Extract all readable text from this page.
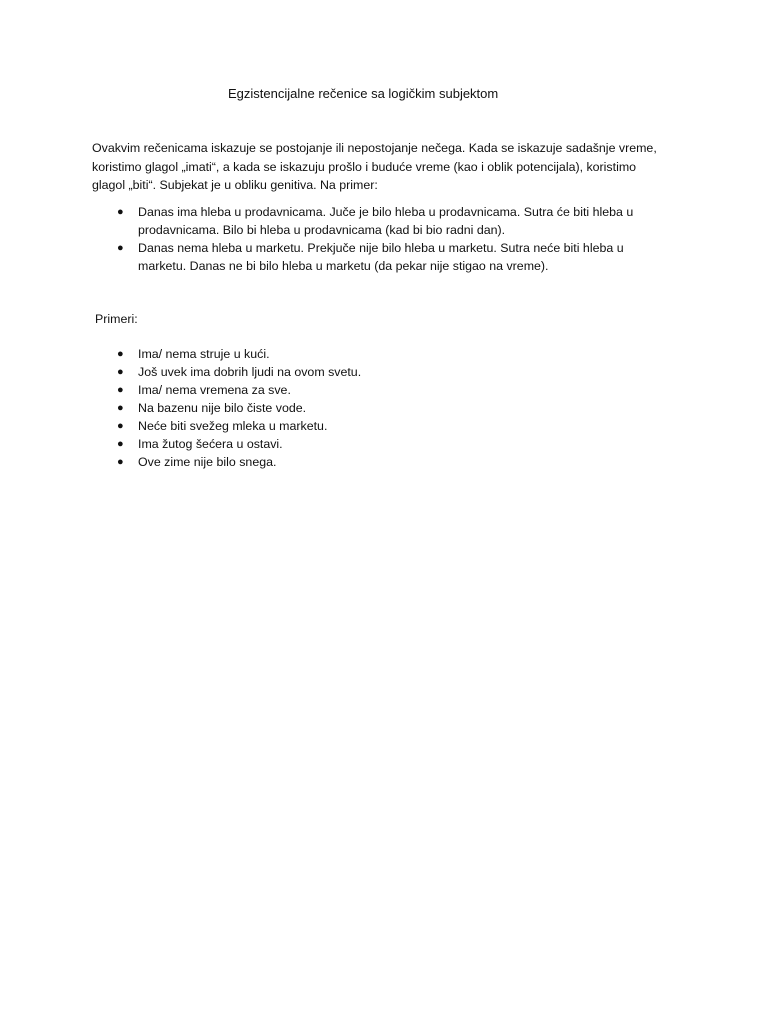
Egzistencijalne rečenice sa logičkim subjektom

Ovakvim rečenicama iskazuje se postojanje ili nepostojanje nečega. Kada se iskazuje sadašnje vreme,

koristimo glagol „imati“, a kada se iskazuju prošlo i buduće vreme (kao i oblik potencijala), koristimo

glagol „biti“. Subjekat je u obliku genitiva. Na primer:

● Danas ima hleba u prodavnicama. Juče je bilo hleba u prodavnicama. Sutra će biti hleba u
prodavnicama. Bilo bi hleba u prodavnicama (kad bi bio radni dan).
● Danas nema hleba u marketu. Prekjuče nije bilo hleba u marketu. Sutra neće biti hleba u
marketu. Danas ne bi bilo hleba u marketu (da pekar nije stigao na vreme).
Primeri:
● Ima/ nema struje u kući.
● Još uvek ima dobrih ljudi na ovom svetu.
● Ima/ nema vremena za sve.
● Na bazenu nije bilo čiste vode.
● Neće biti svežeg mleka u marketu.
● Ima žutog šećera u ostavi.
● Ove zime nije bilo snega.
